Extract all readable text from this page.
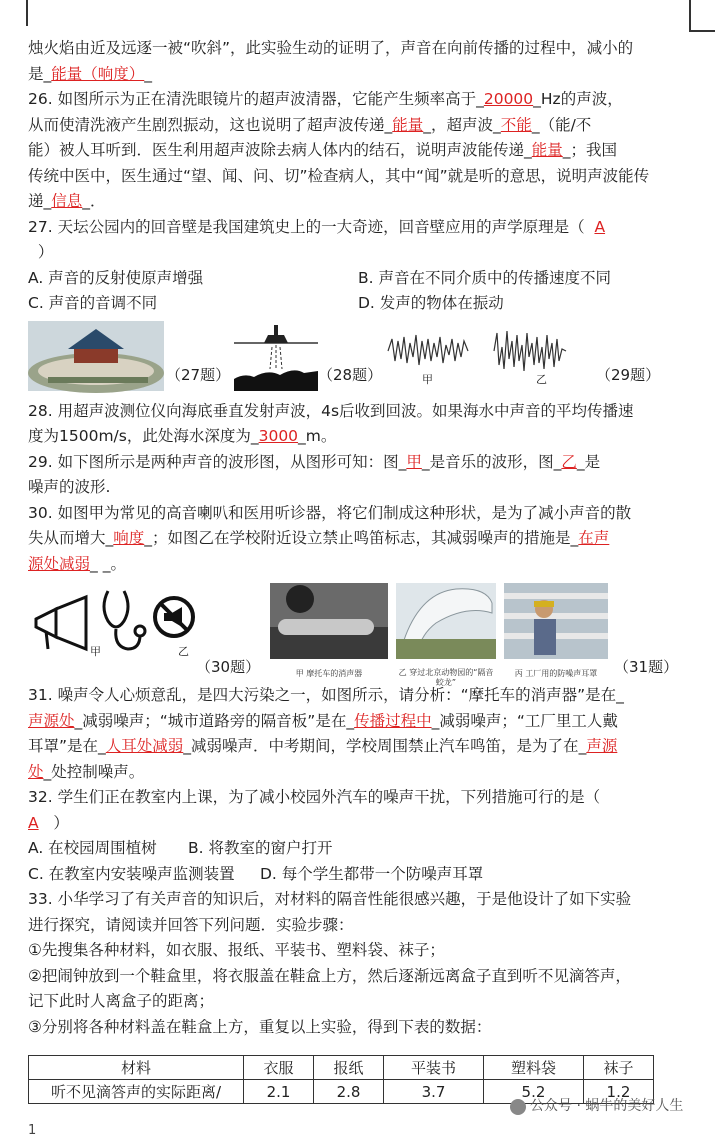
烛火焰由近及远逐一被“吹斜”，此实验生动的证明了，声音在向前传播的过程中，减小的

是_能量（响度）_

26. 如图所示为正在清洗眼镜片的超声波清器，它能产生频率高于_20000_Hz的声波，

从而使清洗液产生剧烈振动，这也说明了超声波传递_能量_，超声波_不能_（能/不

能）被人耳听到．医生利用超声波除去病人体内的结石，说明声波能传递_能量_；我国

传统中医中，医生通过“望、闻、问、切”检查病人，其中“闻”就是听的意思，说明声波能传

递_信息_．

27. 天坛公园内的回音壁是我国建筑史上的一大奇迹，回音壁应用的声学原理是（ A

）

A. 声音的反射使原声增强	B. 声音在不同介质中的传播速度不同
C. 声音的音调不同	D. 发声的物体在振动
（27题）	（28题）	甲	乙	（29题）

28. 用超声波测位仪向海底垂直发射声波，4s后收到回波。如果海水中声音的平均传播速

度为1500m/s，此处海水深度为_3000_m。

29. 如下图所示是两种声音的波形图，从图形可知：图_甲_是音乐的波形，图_乙_是

噪声的波形.

30. 如图甲为常见的高音喇叭和医用听诊器，将它们制成这种形状，是为了减小声音的散

失从而增大_响度_；如图乙在学校附近设立禁止鸣笛标志，其减弱噪声的措施是_在声

源处减弱_ _。

甲	乙
（30题）	甲 摩托车的消声器	乙 穿过北京动物园的“隔音蛟龙”
丙 工厂用的防噪声耳罩	（31题）

31. 噪声令人心烦意乱，是四大污染之一，如图所示，请分析：“摩托车的消声器”是在_

声源处_减弱噪声；“城市道路旁的隔音板”是在_传播过程中_减弱噪声；“工厂里工人戴

耳罩”是在_人耳处减弱_减弱噪声．中考期间，学校周围禁止汽车鸣笛，是为了在_声源

处_处控制噪声。

32. 学生们正在教室内上课，为了减小校园外汽车的噪声干扰，下列措施可行的是（

A ）

A. 在校园周围植树	B. 将教室的窗户打开
C. 在教室内安装噪声监测装置	D. 每个学生都带一个防噪声耳罩

33. 小华学习了有关声音的知识后，对材料的隔音性能很感兴趣，于是他设计了如下实验

进行探究，请阅读并回答下列问题．实验步骤：

①先搜集各种材料，如衣服、报纸、平装书、塑料袋、袜子；

②把闹钟放到一个鞋盒里，将衣服盖在鞋盒上方，然后逐渐远离盒子直到听不见滴答声，

记下此时人离盒子的距离；

③分别将各种材料盖在鞋盒上方，重复以上实验，得到下表的数据：

材料	衣服	报纸	平装书	塑料袋	袜子
听不见滴答声的实际距离/	2.1	2.8	3.7	5.2	1.2
公众号 · 蜗牛的美好人生
1
